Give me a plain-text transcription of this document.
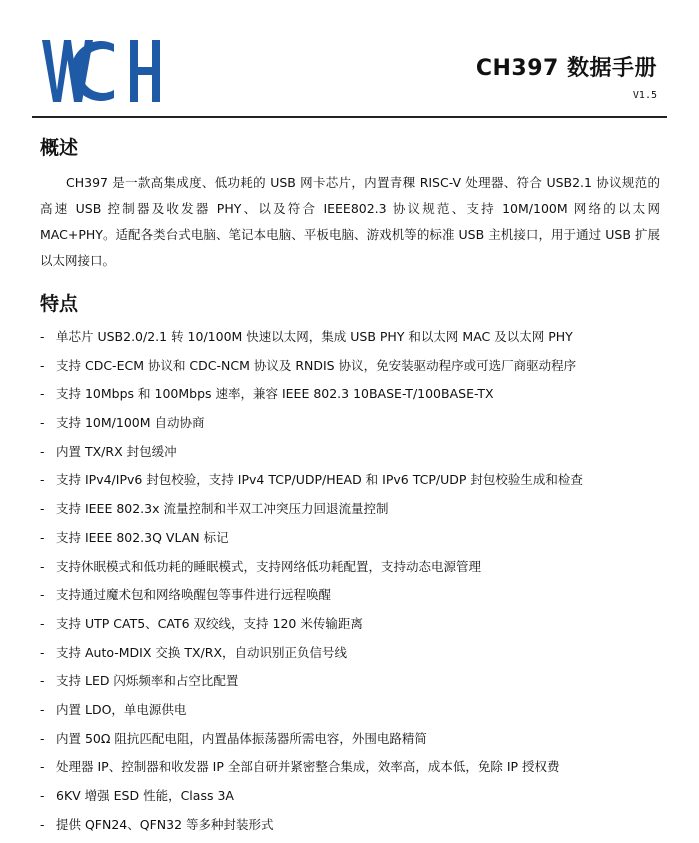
CH397 数据手册
V1.5
概述
CH397 是一款高集成度、低功耗的 USB 网卡芯片，内置青稞 RISC-V 处理器、符合 USB2.1 协议规范的高速 USB 控制器及收发器 PHY、以及符合 IEEE802.3 协议规范、支持 10M/100M 网络的以太网 MAC+PHY。适配各类台式电脑、笔记本电脑、平板电脑、游戏机等的标准 USB 主机接口，用于通过 USB 扩展以太网接口。
特点
- 单芯片 USB2.0/2.1 转 10/100M 快速以太网，集成 USB PHY 和以太网 MAC 及以太网 PHY
- 支持 CDC-ECM 协议和 CDC-NCM 协议及 RNDIS 协议，免安装驱动程序或可选厂商驱动程序
- 支持 10Mbps 和 100Mbps 速率，兼容 IEEE 802.3 10BASE-T/100BASE-TX
- 支持 10M/100M 自动协商
- 内置 TX/RX 封包缓冲
- 支持 IPv4/IPv6 封包校验，支持 IPv4 TCP/UDP/HEAD 和 IPv6 TCP/UDP 封包校验生成和检查
- 支持 IEEE 802.3x 流量控制和半双工冲突压力回退流量控制
- 支持 IEEE 802.3Q VLAN 标记
- 支持休眠模式和低功耗的睡眠模式，支持网络低功耗配置，支持动态电源管理
- 支持通过魔术包和网络唤醒包等事件进行远程唤醒
- 支持 UTP CAT5、CAT6 双绞线，支持 120 米传输距离
- 支持 Auto-MDIX 交换 TX/RX，自动识别正负信号线
- 支持 LED 闪烁频率和占空比配置
- 内置 LDO，单电源供电
- 内置 50Ω 阻抗匹配电阻，内置晶体振荡器所需电容，外围电路精简
- 处理器 IP、控制器和收发器 IP 全部自研并紧密整合集成，效率高，成本低，免除 IP 授权费
- 6KV 增强 ESD 性能，Class 3A
- 提供 QFN24、QFN32 等多种封装形式
